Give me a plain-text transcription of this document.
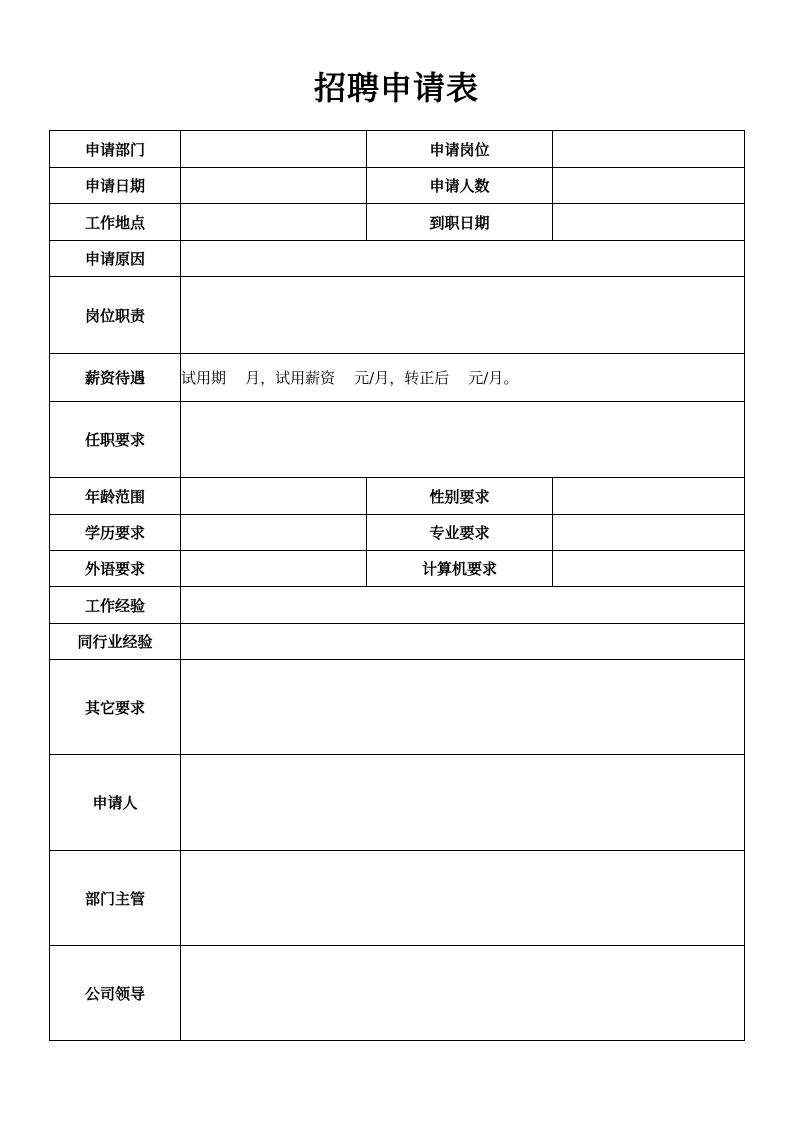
招聘申请表
申请部门		申请岗位	
申请日期		申请人数	
工作地点		到职日期	
申请原因			
岗位职责			
薪资待遇	试用期    月，试用薪资    元/月，转正后    元/月。		
任职要求			
年龄范围		性别要求	
学历要求		专业要求	
外语要求		计算机要求	
工作经验			
同行业经验			
其它要求			
申请人			
部门主管			
公司领导			
